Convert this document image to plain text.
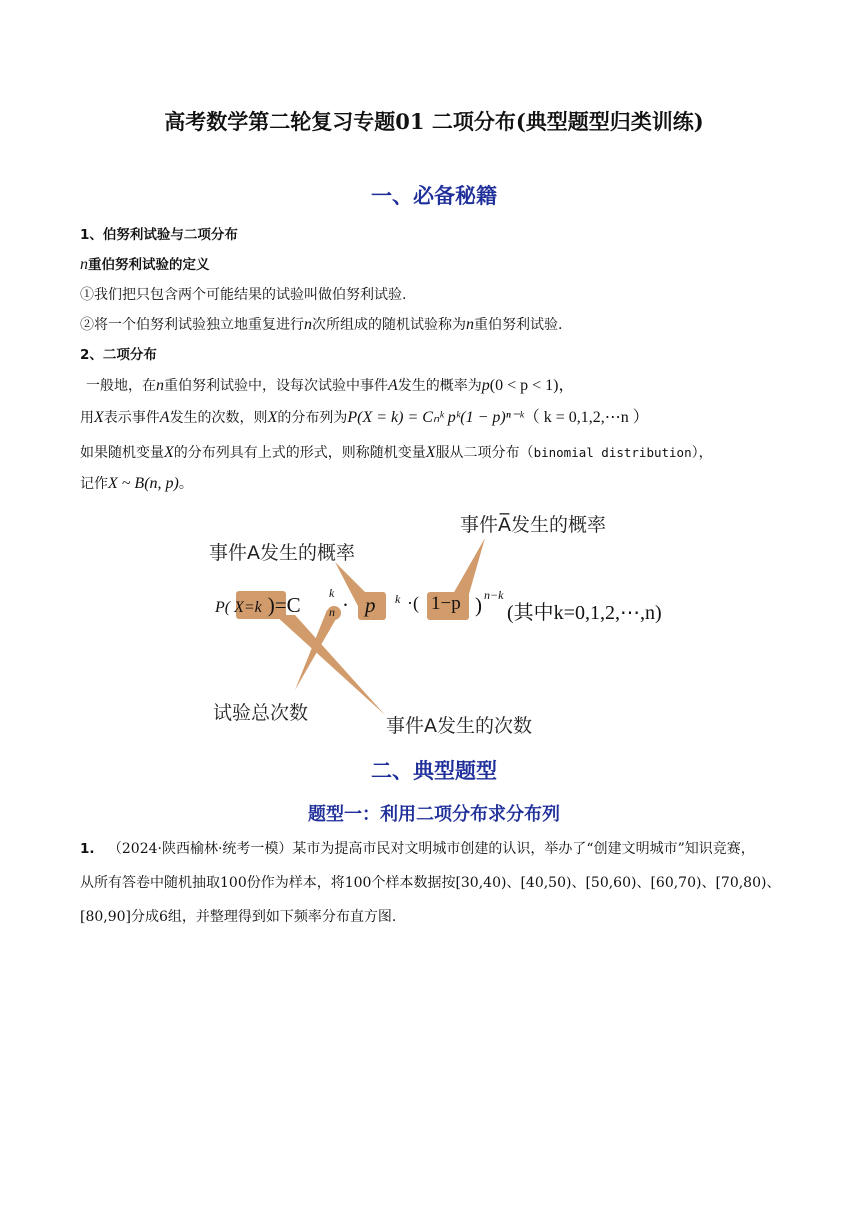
高考数学第二轮复习专题01 二项分布(典型题型归类训练)
一、必备秘籍
1、伯努利试验与二项分布
n重伯努利试验的定义
①我们把只包含两个可能结果的试验叫做伯努利试验.
②将一个伯努利试验独立地重复进行n次所组成的随机试验称为n重伯努利试验.
2、二项分布
一般地，在n重伯努利试验中，设每次试验中事件A发生的概率为p(0 < p < 1)，
用X表示事件A发生的次数，则X的分布列为P(X = k) = Cₙᵏ pᵏ(1 − p)ⁿ⁻ᵏ（ k = 0,1,2,⋯n ）
如果随机变量X的分布列具有上式的形式，则称随机变量X服从二项分布（binomial distribution），
记作X ~ B(n, p)。
事件A发生的概率
事件A̅发生的概率
P( X=k )=C k
n · p k ·( 1−p ) n−k
(其中k=0,1,2,⋯,n)
试验总次数
事件A发生的次数
二、典型题型
题型一：利用二项分布求分布列
1. （2024·陕西榆林·统考一模）某市为提高市民对文明城市创建的认识，举办了“创建文明城市”知识竞赛，
从所有答卷中随机抽取100份作为样本，将100个样本数据按[30,40)、[40,50)、[50,60)、[60,70)、[70,80)、
[80,90]分成6组，并整理得到如下频率分布直方图.
